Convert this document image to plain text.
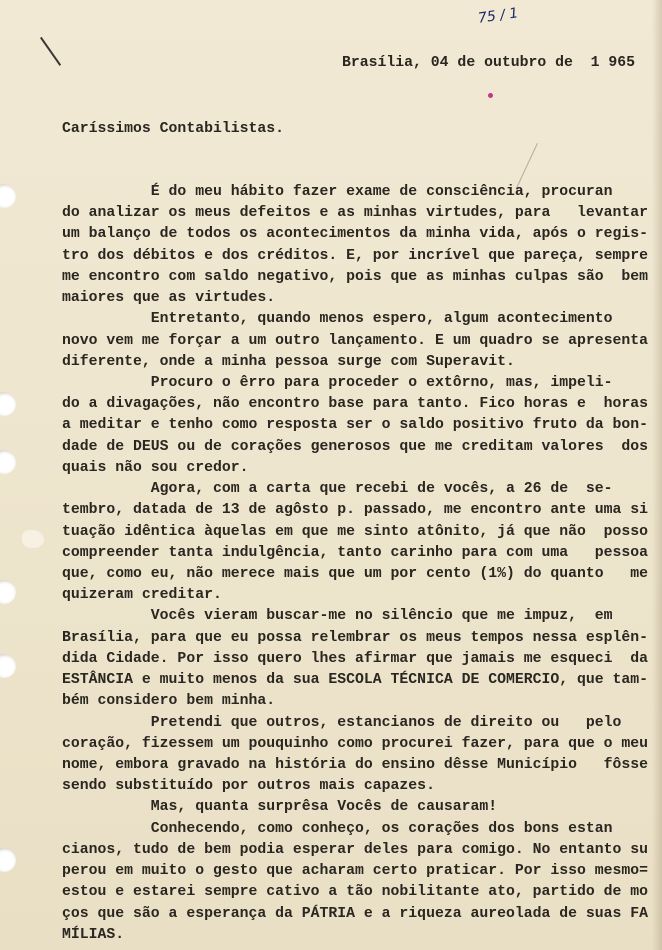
75 / 1
Brasília, 04 de outubro de  1 965
Caríssimos Contabilistas.
É do meu hábito fazer exame de consciência, procuran
do analizar os meus defeitos e as minhas virtudes, para   levantar
um balanço de todos os acontecimentos da minha vida, após o regis-
tro dos débitos e dos créditos. E, por incrível que pareça, sempre
me encontro com saldo negativo, pois que as minhas culpas são  bem
maiores que as virtudes.
Entretanto, quando menos espero, algum acontecimento
novo vem me forçar a um outro lançamento. E um quadro se apresenta
diferente, onde a minha pessoa surge com Superavit.
Procuro o êrro para proceder o extôrno, mas, impeli-
do a divagações, não encontro base para tanto. Fico horas e  horas
a meditar e tenho como resposta ser o saldo positivo fruto da bon-
dade de DEUS ou de corações generosos que me creditam valores  dos
quais não sou credor.
Agora, com a carta que recebi de vocês, a 26 de  se-
tembro, datada de 13 de agôsto p. passado, me encontro ante uma si
tuação idêntica àquelas em que me sinto atônito, já que não  posso
compreender tanta indulgência, tanto carinho para com uma   pessoa
que, como eu, não merece mais que um por cento (1%) do quanto   me
quizeram creditar.
Vocês vieram buscar-me no silêncio que me impuz,  em
Brasília, para que eu possa relembrar os meus tempos nessa esplên-
dida Cidade. Por isso quero lhes afirmar que jamais me esqueci  da
ESTÂNCIA e muito menos da sua ESCOLA TÉCNICA DE COMERCIO, que tam-
bém considero bem minha.
Pretendi que outros, estancianos de direito ou   pelo
coração, fizessem um pouquinho como procurei fazer, para que o meu
nome, embora gravado na história do ensino dêsse Município   fôsse
sendo substituído por outros mais capazes.
Mas, quanta surprêsa Vocês de causaram!
Conhecendo, como conheço, os corações dos bons estan
cianos, tudo de bem podia esperar deles para comigo. No entanto su
perou em muito o gesto que acharam certo praticar. Por isso mesmo=
estou e estarei sempre cativo a tão nobilitante ato, partido de mo
ços que são a esperança da PÁTRIA e a riqueza aureolada de suas FA
MÍLIAS.
